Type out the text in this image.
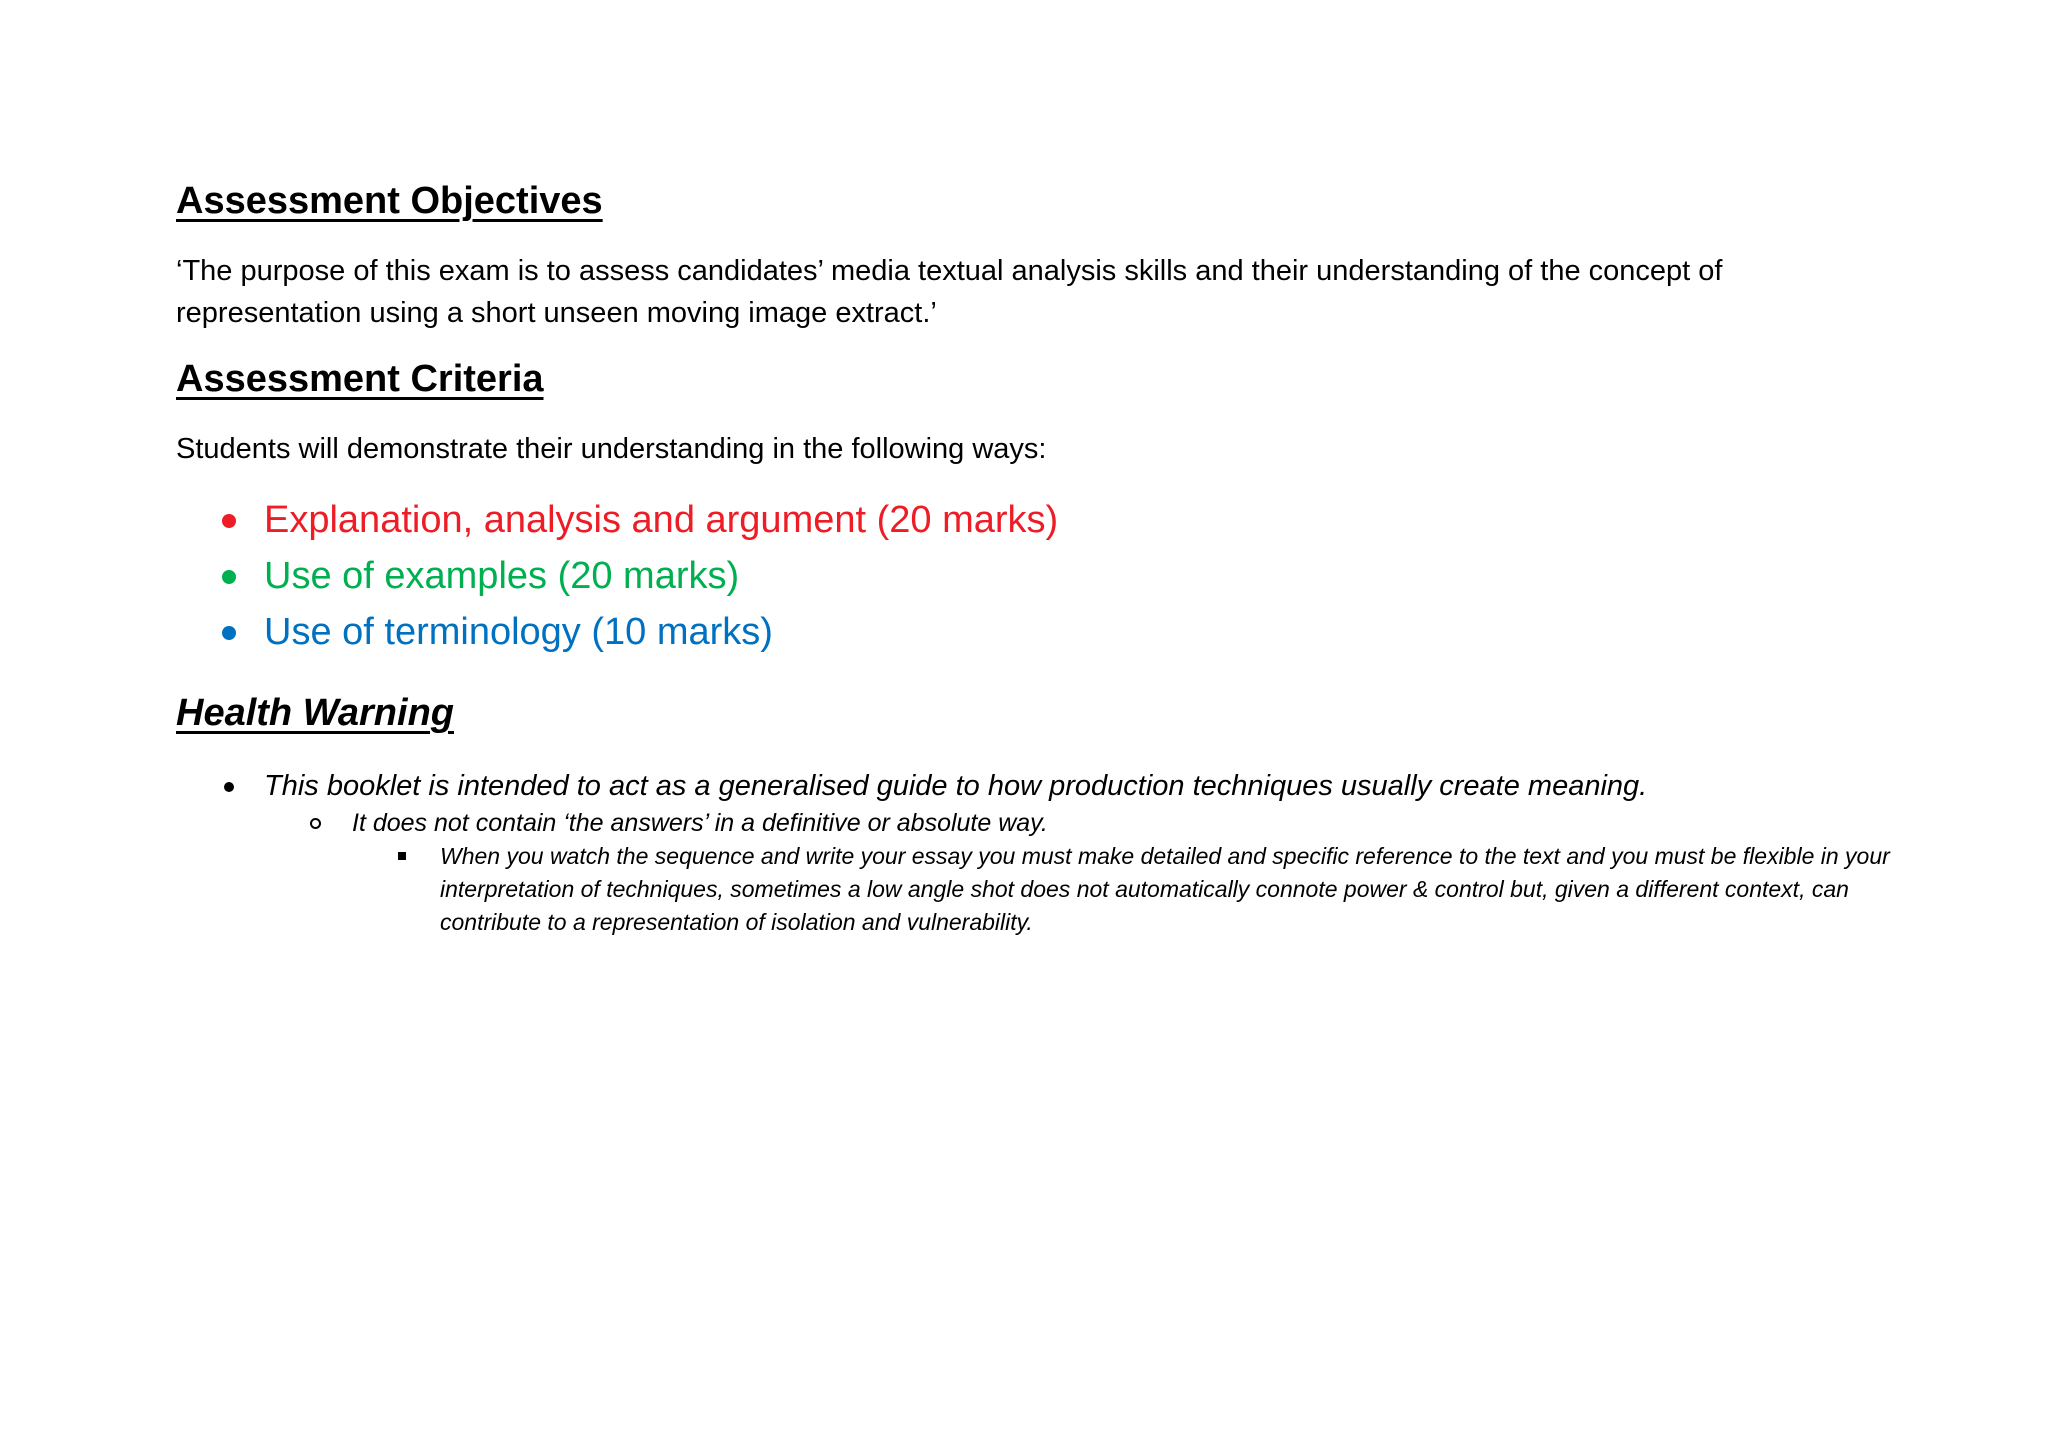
Assessment Objectives

‘The purpose of this exam is to assess candidates’ media textual analysis skills and their understanding of the concept of representation using a short unseen moving image extract.’

Assessment Criteria

Students will demonstrate their understanding in the following ways:

Explanation, analysis and argument (20 marks)
Use of examples (20 marks)
Use of terminology (10 marks)
Health Warning
This booklet is intended to act as a generalised guide to how production techniques usually create meaning.
It does not contain ‘the answers’ in a definitive or absolute way.
When you watch the sequence and write your essay you must make detailed and specific reference to the text and you must be flexible in your interpretation of techniques, sometimes a low angle shot does not automatically connote power & control but, given a different context, can contribute to a representation of isolation and vulnerability.
